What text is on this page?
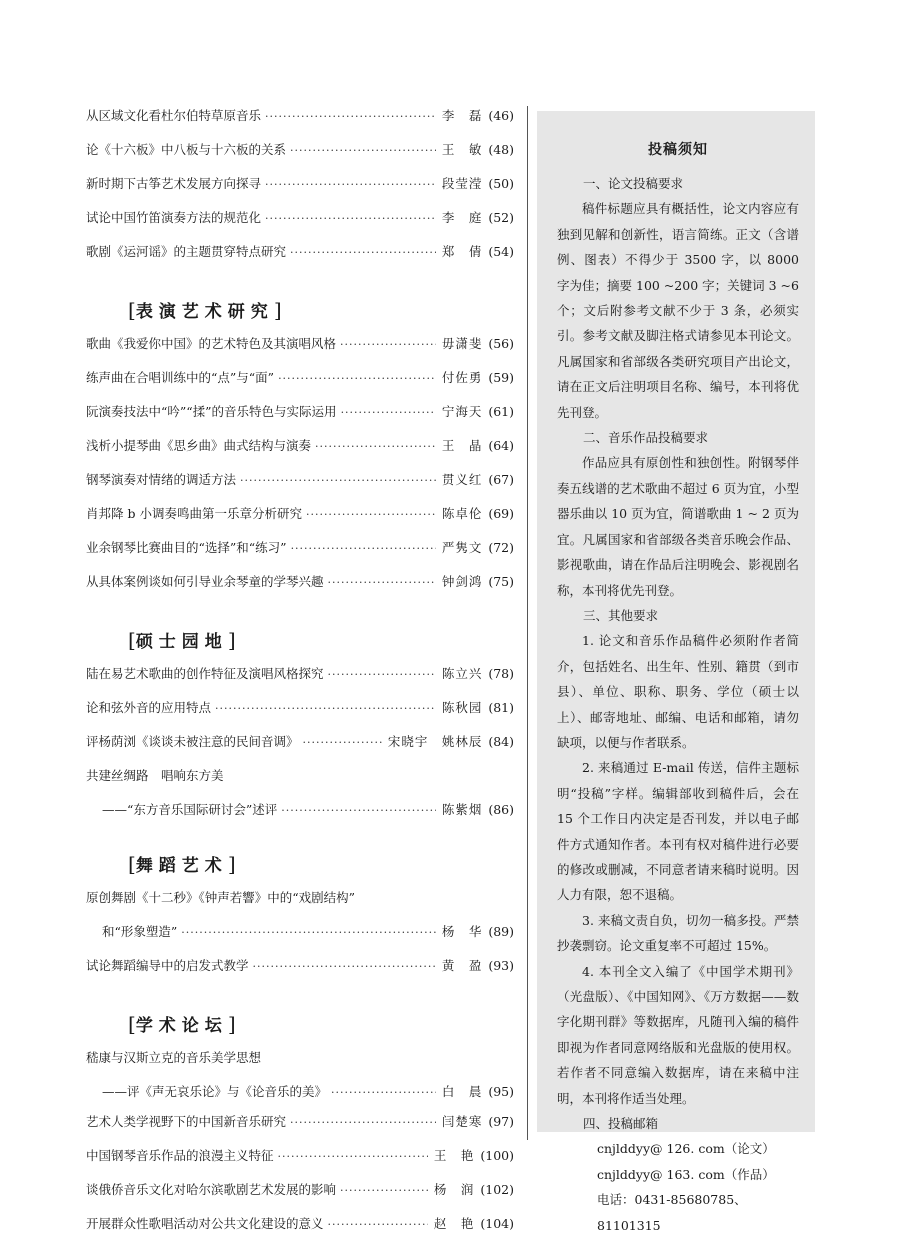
从区域文化看杜尔伯特草原音乐 ·····	李　磊 (46)
论《十六板》中八板与十六板的关系 ·····	王　敏 (48)
新时期下古筝艺术发展方向探寻 ·····	段莹滢 (50)
试论中国竹笛演奏方法的规范化 ·····	李　庭 (52)
歌剧《运河谣》的主题贯穿特点研究 ·····	郑　倩 (54)
[表演艺术研究]
歌曲《我爱你中国》的艺术特色及其演唱风格 ·····	毋潇斐 (56)
练声曲在合唱训练中的“点”与“面” ·····	付佐勇 (59)
阮演奏技法中“吟”“揉”的音乐特色与实际运用 ·····	宁海天 (61)
浅析小提琴曲《思乡曲》曲式结构与演奏 ·····	王　晶 (64)
钢琴演奏对情绪的调适方法 ·····	贯义红 (67)
肖邦降 b 小调奏鸣曲第一乐章分析研究 ·····	陈卓伦 (69)
业余钢琴比赛曲目的“选择”和“练习” ·····	严隽文 (72)
从具体案例谈如何引导业余琴童的学琴兴趣 ·····	钟剑鸿 (75)
[硕士园地]
陆在易艺术歌曲的创作特征及演唱风格探究 ·····	陈立兴 (78)
论和弦外音的应用特点 ·····	陈秋园 (81)
评杨荫浏《谈谈未被注意的民间音调》 ·····	宋晓宇　姚林辰 (84)
共建丝绸路　唱响东方美
——“东方音乐国际研讨会”述评 ·····	陈紫烟 (86)
[舞蹈艺术]
原创舞剧《十二秒》《钟声若響》中的“戏剧结构”
和“形象塑造” ·····	杨　华 (89)
试论舞蹈编导中的启发式教学 ·····	黄　盈 (93)
[学术论坛]
嵇康与汉斯立克的音乐美学思想
——评《声无哀乐论》与《论音乐的美》 ·····	白　晨 (95)
艺术人类学视野下的中国新音乐研究 ·····	闫楚寒 (97)
中国钢琴音乐作品的浪漫主义特征 ·····	王　艳 (100)
谈俄侨音乐文化对哈尔滨歌剧艺术发展的影响 ·····	杨　润 (102)
开展群众性歌唱活动对公共文化建设的意义 ·····	赵　艳 (104)
投稿须知

一、论文投稿要求

稿件标题应具有概括性，论文内容应有独到见解和创新性，语言简练。正文（含谱例、图表）不得少于 3500 字，以 8000 字为佳；摘要 100 ~200 字；关键词 3 ~6 个；文后附参考文献不少于 3 条，必须实引。参考文献及脚注格式请参见本刊论文。凡属国家和省部级各类研究项目产出论文，请在正文后注明项目名称、编号，本刊将优先刊登。

二、音乐作品投稿要求

作品应具有原创性和独创性。附钢琴伴奏五线谱的艺术歌曲不超过 6 页为宜，小型器乐曲以 10 页为宜，简谱歌曲 1 ~ 2 页为宜。凡属国家和省部级各类音乐晚会作品、影视歌曲，请在作品后注明晚会、影视剧名称，本刊将优先刊登。

三、其他要求

1. 论文和音乐作品稿件必须附作者简介，包括姓名、出生年、性别、籍贯（到市县）、单位、职称、职务、学位（硕士以上）、邮寄地址、邮编、电话和邮箱，请勿缺项，以便与作者联系。

2. 来稿通过 E-mail 传送，信件主题标明“投稿”字样。编辑部收到稿件后，会在 15 个工作日内决定是否刊发，并以电子邮件方式通知作者。本刊有权对稿件进行必要的修改或删减，不同意者请来稿时说明。因人力有限，恕不退稿。

3. 来稿文责自负，切勿一稿多投。严禁抄袭剽窃。论文重复率不可超过 15%。

4. 本刊全文入编了《中国学术期刊》（光盘版）、《中国知网》、《万方数据——数字化期刊群》等数据库，凡随刊入编的稿件即视为作者同意网络版和光盘版的使用权。若作者不同意编入数据库，请在来稿中注明，本刊将作适当处理。

四、投稿邮箱

cnjlddyy@ 126. com（论文）

cnjlddyy@ 163. com（作品）

电话：0431-85680785、81101315
